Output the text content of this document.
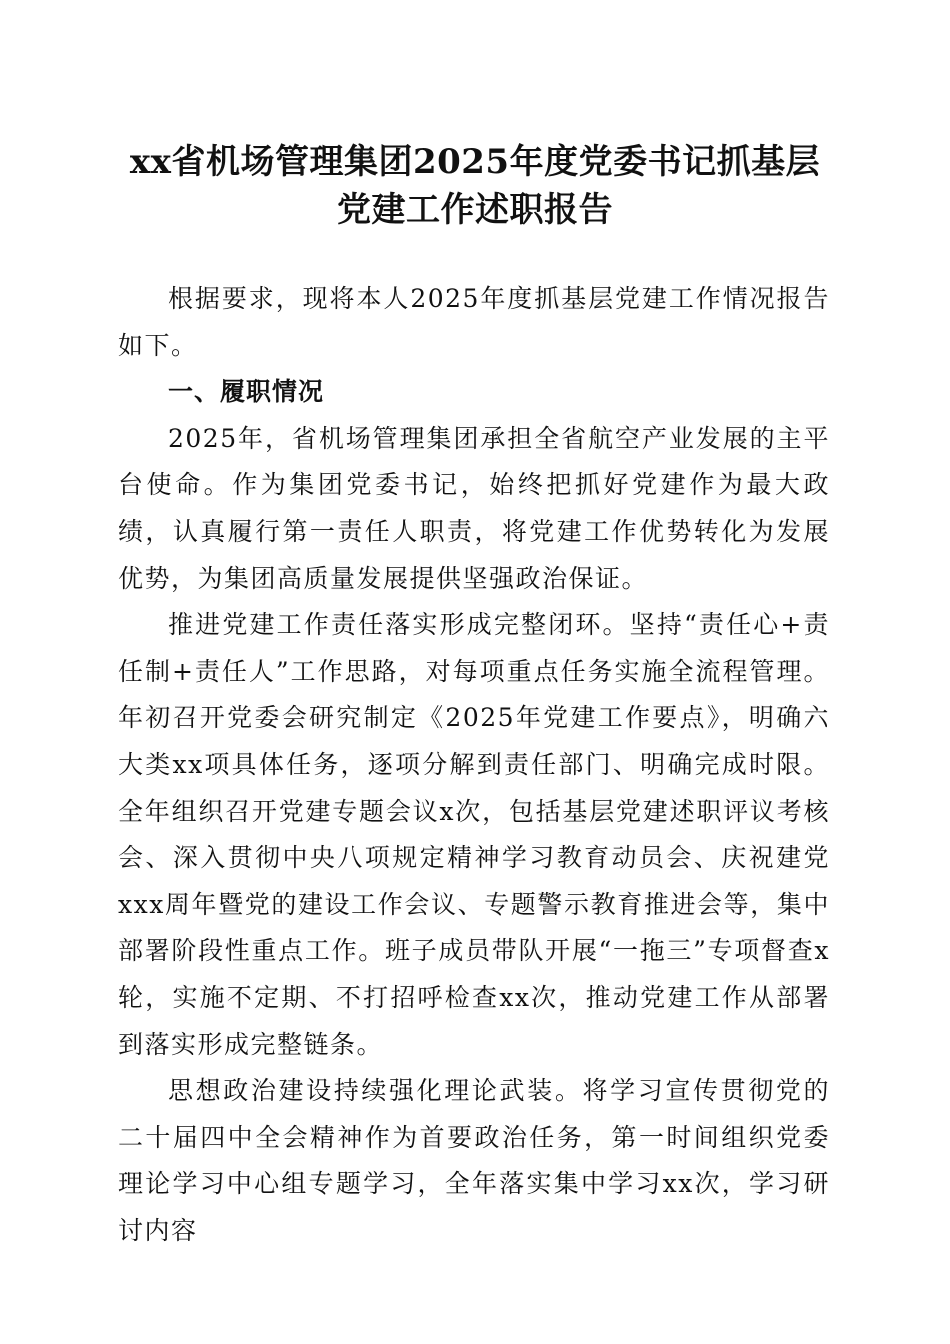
xx省机场管理集团2025年度党委书记抓基层
党建工作述职报告

根据要求，现将本人2025年度抓基层党建工作情况报告如下。

一、履职情况

2025年，省机场管理集团承担全省航空产业发展的主平台使命。作为集团党委书记，始终把抓好党建作为最大政绩，认真履行第一责任人职责，将党建工作优势转化为发展优势，为集团高质量发展提供坚强政治保证。

推进党建工作责任落实形成完整闭环。坚持“责任心+责任制+责任人”工作思路，对每项重点任务实施全流程管理。年初召开党委会研究制定《2025年党建工作要点》，明确六大类xx项具体任务，逐项分解到责任部门、明确完成时限。全年组织召开党建专题会议x次，包括基层党建述职评议考核会、深入贯彻中央八项规定精神学习教育动员会、庆祝建党xxx周年暨党的建设工作会议、专题警示教育推进会等，集中部署阶段性重点工作。班子成员带队开展“一拖三”专项督查x轮，实施不定期、不打招呼检查xx次，推动党建工作从部署到落实形成完整链条。

思想政治建设持续强化理论武装。将学习宣传贯彻党的二十届四中全会精神作为首要政治任务，第一时间组织党委理论学习中心组专题学习，全年落实集中学习xx次，学习研讨内容
